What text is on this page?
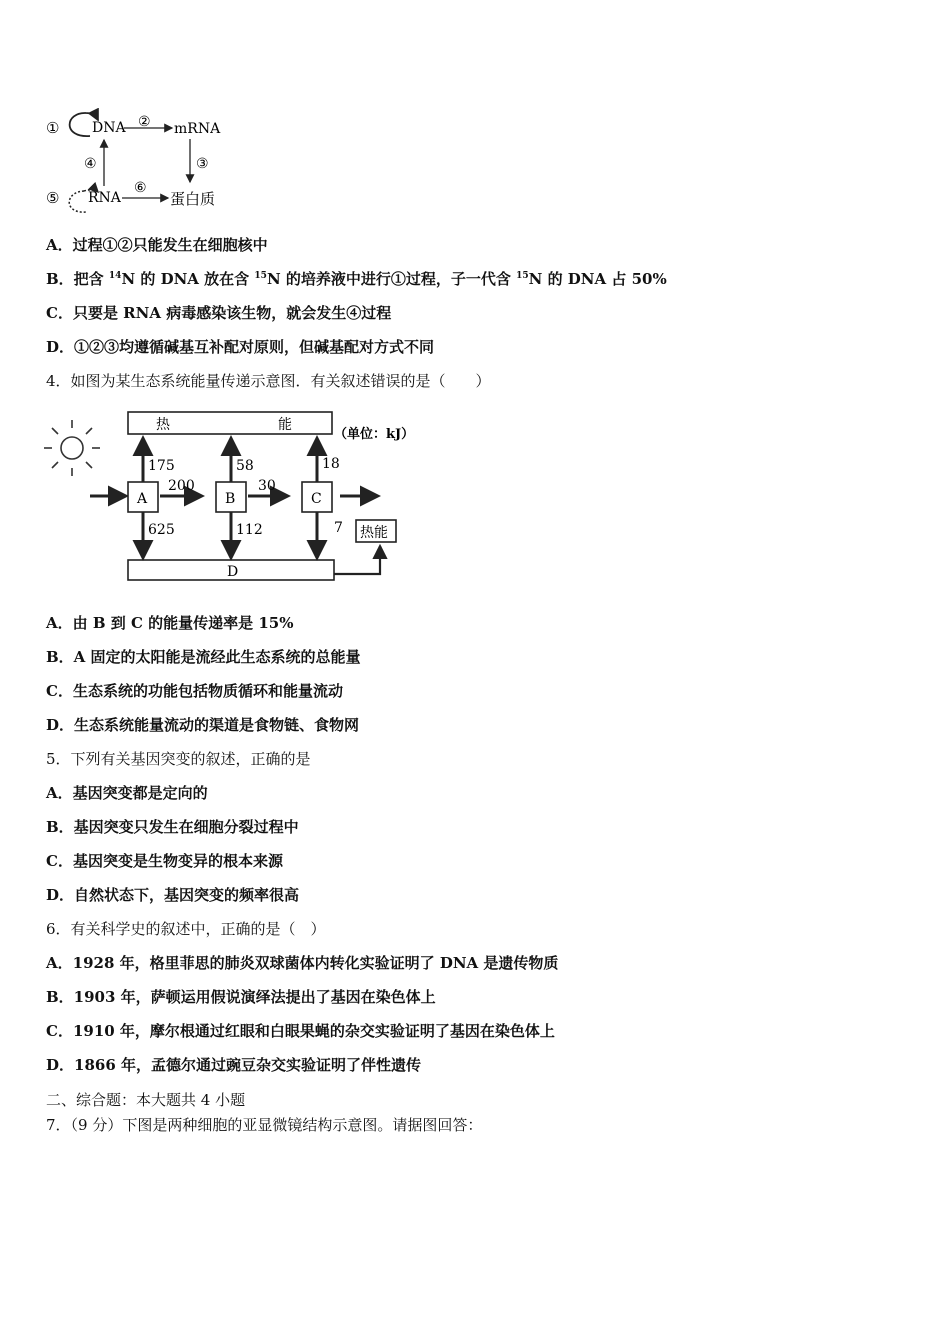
① DNA ② mRNA
③
④
⑤ RNA
⑥
蛋白质
A．过程①②只能发生在细胞核中
B．把含 $^{14}$N 的 DNA 放在含 $^{15}$N 的培养液中进行①过程，子一代含 $^{15}$N 的 DNA 占 50%
C．只要是 RNA 病毒感染该生物，就会发生④过程
D．①②③均遵循碱基互补配对原则，但碱基配对方式不同
4．如图为某生态系统能量传递示意图．有关叙述错误的是（　　）
热	能
（单位：kJ）
A
175
625
200
B
58
112
30
C
18
7
D
热能
A．由 B 到 C 的能量传递率是 15%
B．A 固定的太阳能是流经此生态系统的总能量
C．生态系统的功能包括物质循环和能量流动
D．生态系统能量流动的渠道是食物链、食物网
5．下列有关基因突变的叙述，正确的是
A．基因突变都是定向的
B．基因突变只发生在细胞分裂过程中
C．基因突变是生物变异的根本来源
D．自然状态下，基因突变的频率很高
6．有关科学史的叙述中，正确的是（　）
A．1928 年，格里菲思的肺炎双球菌体内转化实验证明了 DNA 是遗传物质
B．1903 年，萨顿运用假说演绎法提出了基因在染色体上
C．1910 年，摩尔根通过红眼和白眼果蝇的杂交实验证明了基因在染色体上
D．1866 年，孟德尔通过豌豆杂交实验证明了伴性遗传
二、综合题：本大题共 4 小题
7．（9 分）下图是两种细胞的亚显微镜结构示意图。请据图回答：
